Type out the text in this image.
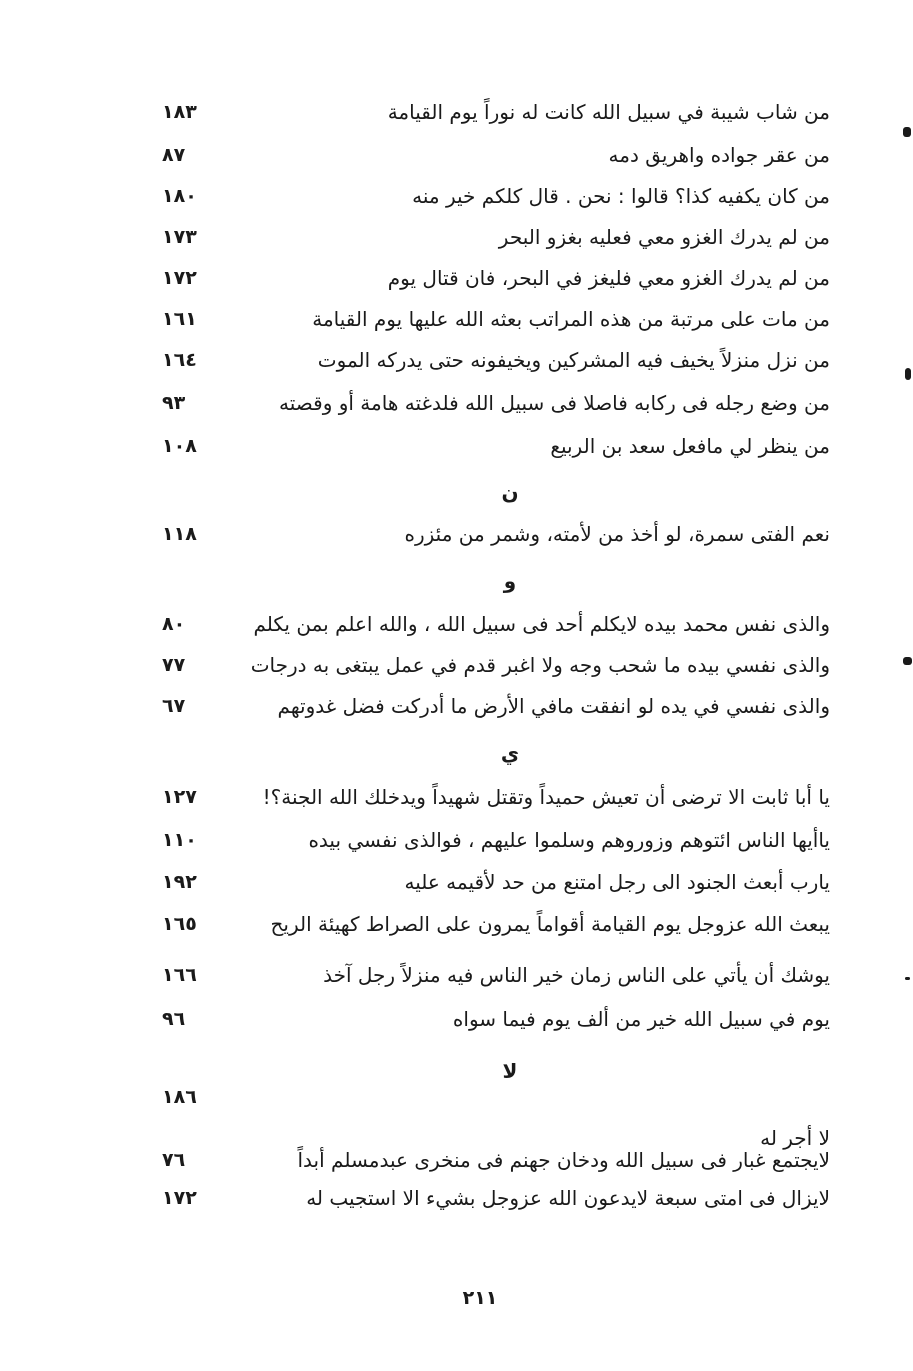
من شاب شيبة في سبيل الله كانت له نوراً يوم القيامة
١٨٣
من عقر جواده واهريق دمه
٨٧
من كان يكفيه كذا؟ قالوا : نحن . قال كلكم خير منه
١٨٠
من لم يدرك الغزو معي فعليه بغزو البحر
١٧٣
من لم يدرك الغزو معي فليغز في البحر، فان قتال يوم
١٧٢
من مات على مرتبة من هذه المراتب بعثه الله عليها يوم القيامة
١٦١
من نزل منزلاً يخيف فيه المشركين ويخيفونه حتى يدركه الموت
١٦٤
من وضع رجله فى ركابه فاصلا فى سبيل الله فلدغته هامة أو وقصته
٩٣
من ينظر لي مافعل سعد بن الربيع
١٠٨
ن
نعم الفتى سمرة، لو أخذ من لأمته، وشمر من مئزره
١١٨
و
والذى نفس محمد بيده لايكلم أحد فى سبيل الله ، والله اعلم بمن يكلم
٨٠
والذى نفسي بيده ما شحب وجه ولا اغبر قدم في عمل يبتغى به درجات
٧٧
والذى نفسي في يده لو انفقت مافي الأرض ما أدركت فضل غدوتهم
٦٧
ي
يا أبا ثابت الا ترضى أن تعيش حميداً وتقتل شهيداً ويدخلك الله الجنة؟!
١٢٧
ياأيها الناس ائتوهم وزوروهم وسلموا عليهم ، فوالذى نفسي بيده
١١٠
يارب أبعث الجنود الى رجل امتنع من حد لأقيمه عليه
١٩٢
يبعث الله عزوجل يوم القيامة أقواماً يمرون على الصراط كهيئة الريح
١٦٥
يوشك أن يأتي على الناس زمان خير الناس فيه منزلاً رجل آخذ
١٦٦
يوم في سبيل الله خير من ألف يوم فيما سواه
٩٦
لا
١٨٦
لا أجر له
لايجتمع غبار فى سبيل الله ودخان جهنم فى منخرى عبدمسلم أبداً
٧٦
لايزال فى امتى سبعة لايدعون الله عزوجل بشيء الا استجيب له
١٧٢
٢١١
